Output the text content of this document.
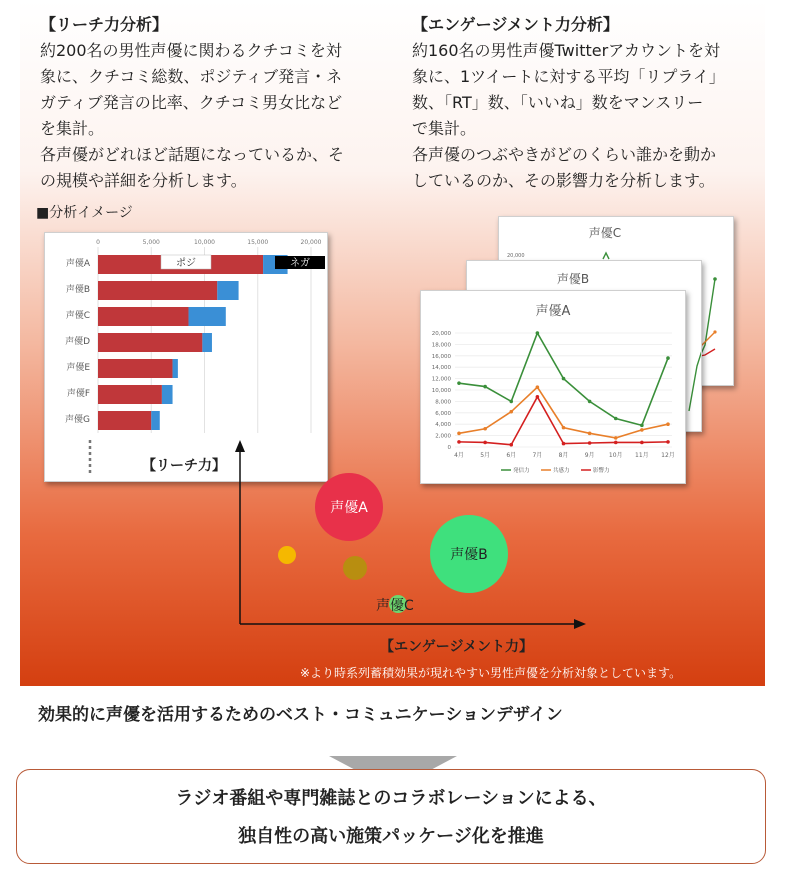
【リーチ力分析】

約200名の男性声優に関わるクチコミを対

象に、クチコミ総数、ポジティブ発言・ネ

ガティブ発言の比率、クチコミ男女比など

を集計。

各声優がどれほど話題になっているか、そ

の規模や詳細を分析します。

【エンゲージメント力分析】

約160名の男性声優Twitterアカウントを対

象に、1ツイートに対する平均「リプライ」

数、「RT」数、「いいね」数をマンスリー

で集計。

各声優のつぶやきがどのくらい誰かを動か

しているのか、その影響力を分析します。

■分析イメージ
0	5,000	10,000	15,000	20,000
声優A
声優B
声優C
声優D
声優E
声優F
声優G
ポジ	ネガ
声優C
20,000
声優B
声優A
20,000
18,000
16,000
14,000
12,000
10,000
8,000
6,000
4,000
2,000
0
4月	5月	6月	7月	8月	9月 10月 11月 12月
発信力	共感力	影響力
【リーチ力】
【エンゲージメント力】
声優A
声優B
声優C
※より時系列蓄積効果が現れやすい男性声優を分析対象としています。
効果的に声優を活用するためのベスト・コミュニケーションデザイン
ラジオ番組や専門雑誌とのコラボレーションによる、
独自性の高い施策パッケージ化を推進
